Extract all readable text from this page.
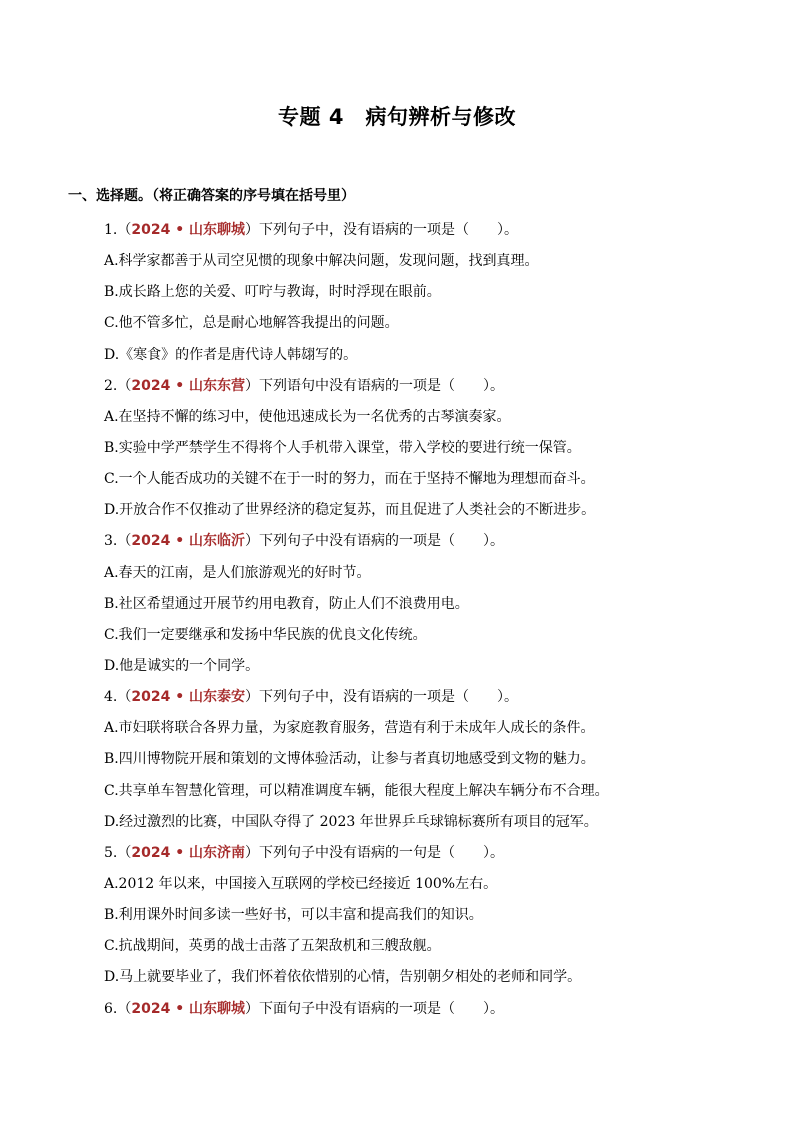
专题 4　病句辨析与修改
一、选择题。（将正确答案的序号填在括号里）
1.（2024 • 山东聊城）下列句子中，没有语病的一项是（　　）。
A.科学家都善于从司空见惯的现象中解决问题，发现问题，找到真理。
B.成长路上您的关爱、叮咛与教诲，时时浮现在眼前。
C.他不管多忙，总是耐心地解答我提出的问题。
D.《寒食》的作者是唐代诗人韩翃写的。
2.（2024 • 山东东营）下列语句中没有语病的一项是（　　）。
A.在坚持不懈的练习中，使他迅速成长为一名优秀的古琴演奏家。
B.实验中学严禁学生不得将个人手机带入课堂，带入学校的要进行统一保管。
C.一个人能否成功的关键不在于一时的努力，而在于坚持不懈地为理想而奋斗。
D.开放合作不仅推动了世界经济的稳定复苏，而且促进了人类社会的不断进步。
3.（2024 • 山东临沂）下列句子中没有语病的一项是（　　）。
A.春天的江南，是人们旅游观光的好时节。
B.社区希望通过开展节约用电教育，防止人们不浪费用电。
C.我们一定要继承和发扬中华民族的优良文化传统。
D.他是诚实的一个同学。
4.（2024 • 山东泰安）下列句子中，没有语病的一项是（　　）。
A.市妇联将联合各界力量，为家庭教育服务，营造有利于未成年人成长的条件。
B.四川博物院开展和策划的文博体验活动，让参与者真切地感受到文物的魅力。
C.共享单车智慧化管理，可以精准调度车辆，能很大程度上解决车辆分布不合理。
D.经过激烈的比赛，中国队夺得了 2023 年世界乒乓球锦标赛所有项目的冠军。
5.（2024 • 山东济南）下列句子中没有语病的一句是（　　）。
A.2012 年以来，中国接入互联网的学校已经接近 100%左右。
B.利用课外时间多读一些好书，可以丰富和提高我们的知识。
C.抗战期间，英勇的战士击落了五架敌机和三艘敌舰。
D.马上就要毕业了，我们怀着依依惜别的心情，告别朝夕相处的老师和同学。
6.（2024 • 山东聊城）下面句子中没有语病的一项是（　　）。
